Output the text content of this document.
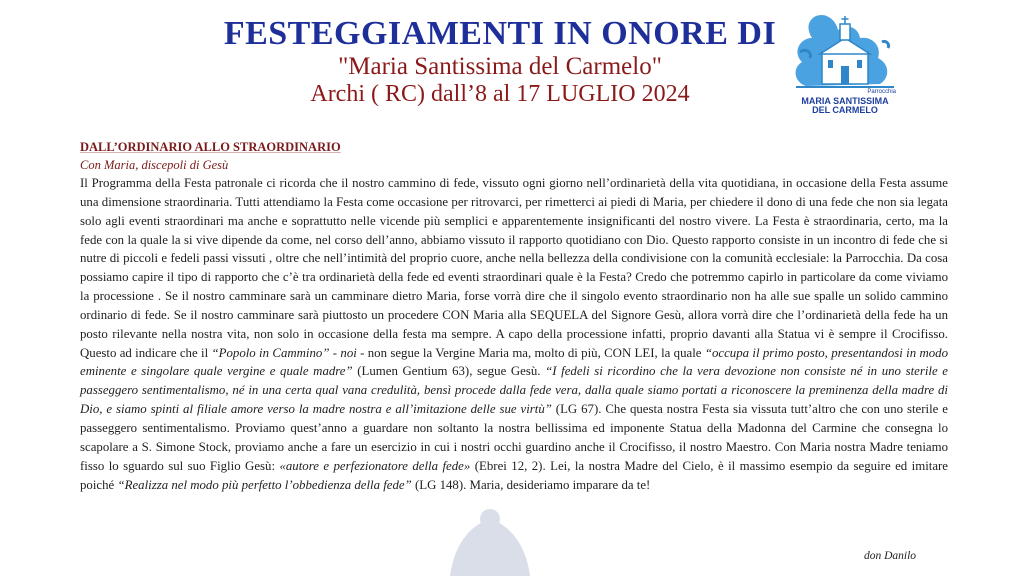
FESTEGGIAMENTI IN ONORE DI
"Maria Santissima del Carmelo"
Archi ( RC) dall’8 al 17 LUGLIO 2024	Parrocchia
MARIA SANTISSIMA
DEL CARMELO
DALL’ORDINARIO ALLO STRAORDINARIO
Con Maria, discepoli di Gesù

Il Programma della Festa patronale ci ricorda che il nostro cammino di fede, vissuto ogni giorno nell’ordinarietà della vita quotidiana, in occasione della Festa assume una dimensione straordinaria. Tutti attendiamo la Festa come occasione per ritrovarci, per rimetterci ai piedi di Maria, per chiedere il dono di una fede che non sia legata solo agli eventi straordinari ma anche e soprattutto nelle vicende più semplici e apparentemente insignificanti del nostro vivere. La Festa è straordinaria, certo, ma la fede con la quale la si vive dipende da come, nel corso dell’anno, abbiamo vissuto il rapporto quotidiano con Dio. Questo rapporto consiste in un incontro di fede che si nutre di piccoli e fedeli passi vissuti , oltre che nell’intimità del proprio cuore, anche nella bellezza della condivisione con la comunità ecclesiale: la Parrocchia. Da cosa possiamo capire il tipo di rapporto che c’è tra ordinarietà della fede ed eventi straordinari quale è la Festa? Credo che potremmo capirlo in particolare da come viviamo la processione . Se il nostro camminare sarà un camminare dietro Maria, forse vorrà dire che il singolo evento straordinario non ha alle sue spalle un solido cammino ordinario di fede. Se il nostro camminare sarà piuttosto un procedere CON Maria alla SEQUELA del Signore Gesù, allora vorrà dire che l’ordinarietà della fede ha un posto rilevante nella nostra vita, non solo in occasione della festa ma sempre. A capo della processione infatti, proprio davanti alla Statua vi è sempre il Crocifisso. Questo ad indicare che il “Popolo in Cammino” - noi - non segue la Vergine Maria ma, molto di più, CON LEI, la quale “occupa il primo posto, presentandosi in modo eminente e singolare quale vergine e quale madre” (Lumen Gentium 63), segue Gesù. “I fedeli si ricordino che la vera devozione non consiste né in uno sterile e passeggero sentimentalismo, né in una certa qual vana credulità, bensì procede dalla fede vera, dalla quale siamo portati a riconoscere la preminenza della madre di Dio, e siamo spinti al filiale amore verso la madre nostra e all’imitazione delle sue virtù” (LG 67). Che questa nostra Festa sia vissuta tutt’altro che con uno sterile e passeggero sentimentalismo. Proviamo quest’anno a guardare non soltanto la nostra bellissima ed imponente Statua della Madonna del Carmine che consegna lo scapolare a S. Simone Stock, proviamo anche a fare un esercizio in cui i nostri occhi guardino anche il Crocifisso, il nostro Maestro. Con Maria nostra Madre teniamo fisso lo sguardo sul suo Figlio Gesù: «autore e perfezionatore della fede» (Ebrei 12, 2). Lei, la nostra Madre del Cielo, è il massimo esempio da seguire ed imitare poiché “Realizza nel modo più perfetto l’obbedienza della fede” (LG 148). Maria, desideriamo imparare da te!

don Danilo
